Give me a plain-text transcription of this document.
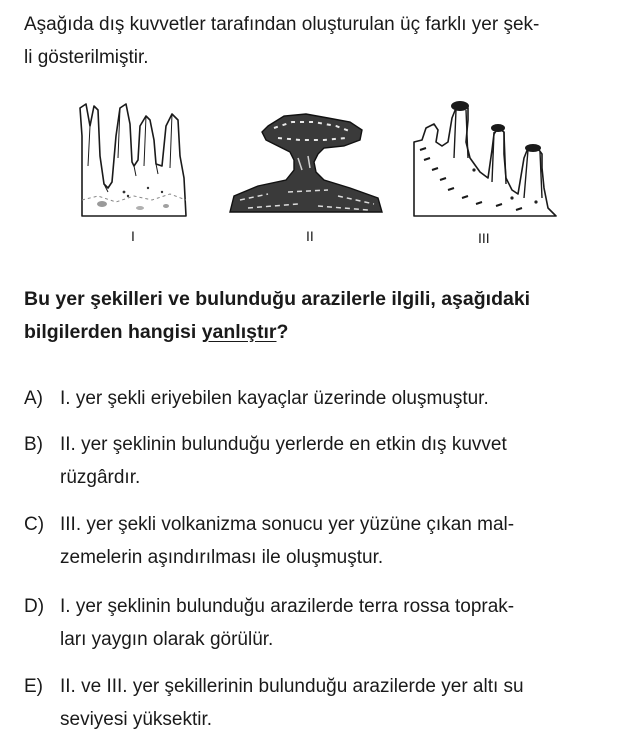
Aşağıda dış kuvvetler tarafından oluşturulan üç farklı yer şek-
li gösterilmiştir.
I	II	III
Bu yer şekilleri ve bulunduğu arazilerle ilgili, aşağıdaki
bilgilerden hangisi yanlıştır?
A) I. yer şekli eriyebilen kayaçlar üzerinde oluşmuştur.
B) II. yer şeklinin bulunduğu yerlerde en etkin dış kuvvet
rüzgârdır.
C) III. yer şekli volkanizma sonucu yer yüzüne çıkan mal-
zemelerin aşındırılması ile oluşmuştur.
D) I. yer şeklinin bulunduğu arazilerde terra rossa toprak-
ları yaygın olarak görülür.
E) II. ve III. yer şekillerinin bulunduğu arazilerde yer altı su
seviyesi yüksektir.
